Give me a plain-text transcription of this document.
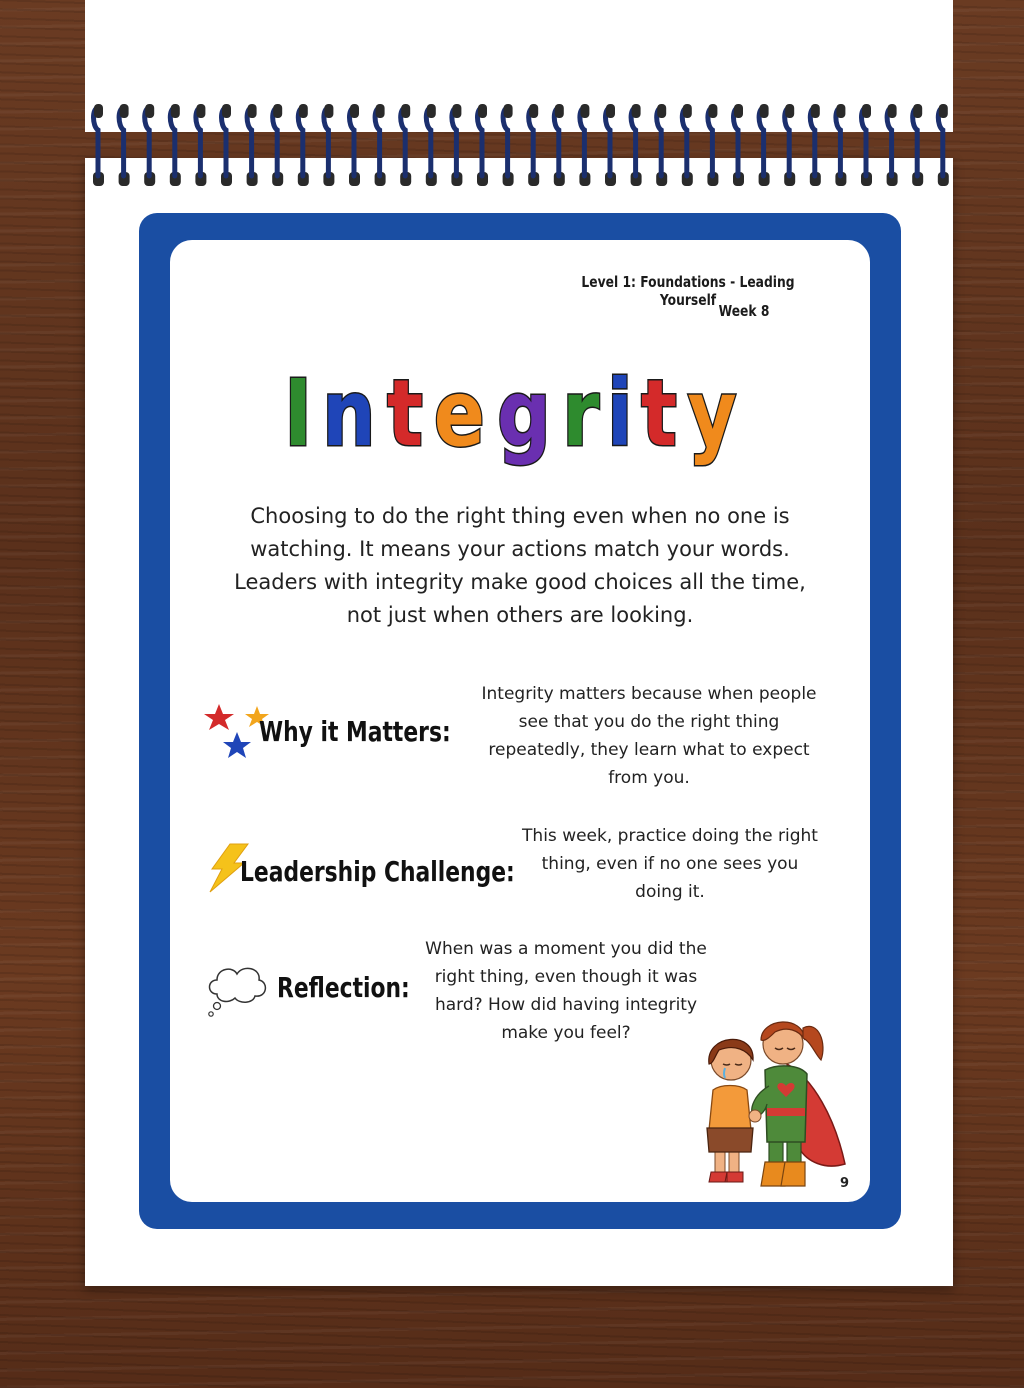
Level 1: Foundations - Leading Yourself
Week 8
In t e g rit y
Choosing to do the right thing even when no one is
watching. It means your actions match your words.
Leaders with integrity make good choices all the time,
not just when others are looking.
Why it Matters:
Integrity matters because when people
see that you do the right thing
repeatedly, they learn what to expect
from you.
Leadership Challenge:
This week, practice doing the right
thing, even if no one sees you
doing it.
Reflection:
When was a moment you did the
right thing, even though it was
hard? How did having integrity
make you feel?
9
